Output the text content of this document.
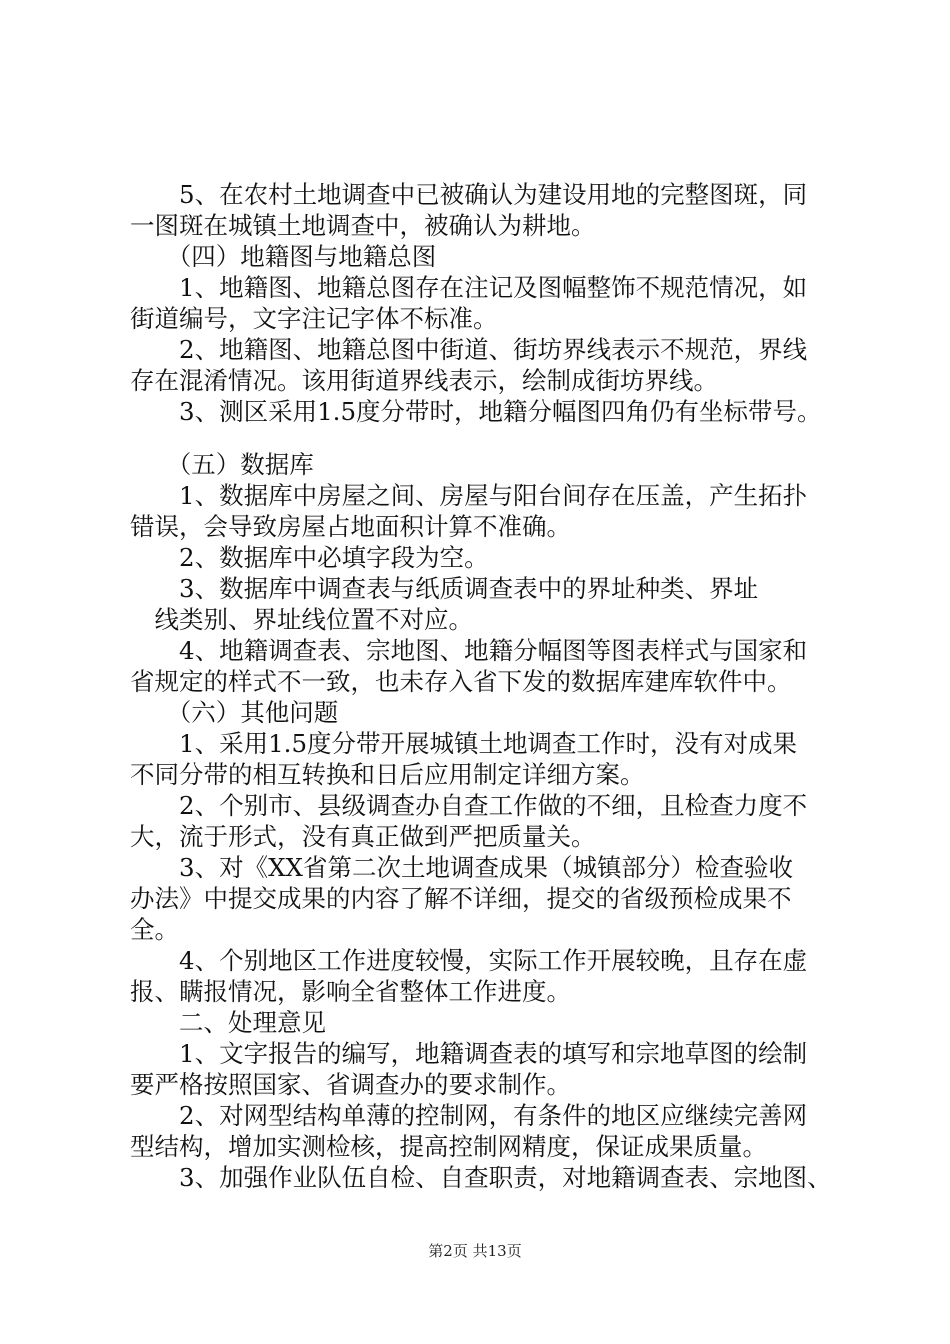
　　5、在农村土地调查中已被确认为建设用地的完整图斑，同
一图斑在城镇土地调查中，被确认为耕地。
　　（四）地籍图与地籍总图
　　1、地籍图、地籍总图存在注记及图幅整饰不规范情况，如
街道编号，文字注记字体不标准。
　　2、地籍图、地籍总图中街道、街坊界线表示不规范，界线
存在混淆情况。该用街道界线表示，绘制成街坊界线。
　　3、测区采用1.5度分带时，地籍分幅图四角仍有坐标带号。
　　（五）数据库
　　1、数据库中房屋之间、房屋与阳台间存在压盖，产生拓扑
错误，会导致房屋占地面积计算不准确。
　　2、数据库中必填字段为空。
　　3、数据库中调查表与纸质调查表中的界址种类、界址
　线类别、界址线位置不对应。
　　4、地籍调查表、宗地图、地籍分幅图等图表样式与国家和
省规定的样式不一致，也未存入省下发的数据库建库软件中。
　　（六）其他问题
　　1、采用1.5度分带开展城镇土地调查工作时，没有对成果
不同分带的相互转换和日后应用制定详细方案。
　　2、个别市、县级调查办自查工作做的不细，且检查力度不
大，流于形式，没有真正做到严把质量关。
　　3、对《XX省第二次土地调查成果（城镇部分）检查验收
办法》中提交成果的内容了解不详细，提交的省级预检成果不
全。
　　4、个别地区工作进度较慢，实际工作开展较晚，且存在虚
报、瞒报情况，影响全省整体工作进度。
　　二、处理意见
　　1、文字报告的编写，地籍调查表的填写和宗地草图的绘制
要严格按照国家、省调查办的要求制作。
　　2、对网型结构单薄的控制网，有条件的地区应继续完善网
型结构，增加实测检核，提高控制网精度，保证成果质量。
　　3、加强作业队伍自检、自查职责，对地籍调查表、宗地图、
第2页 共13页
